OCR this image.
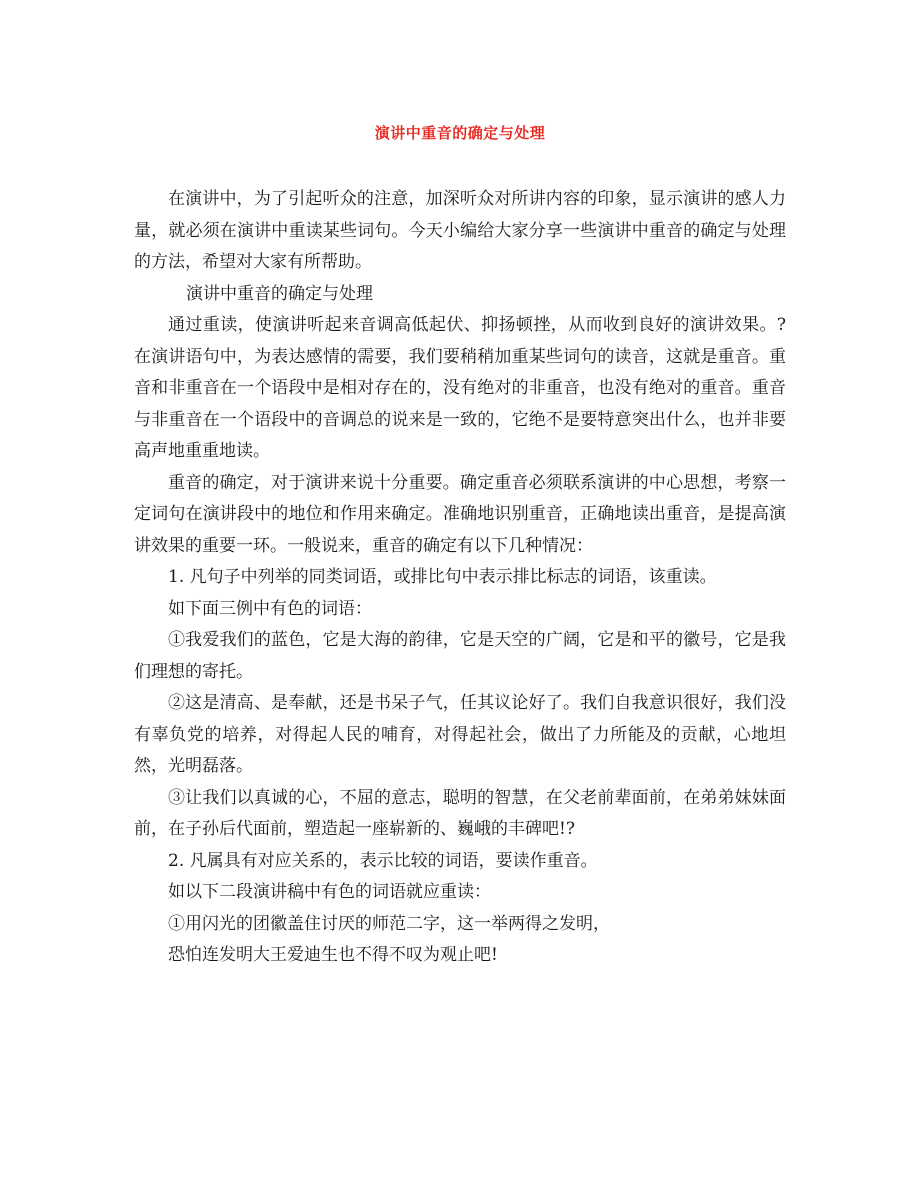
演讲中重音的确定与处理

在演讲中，为了引起听众的注意，加深听众对所讲内容的印象，显示演讲的感人力量，就必须在演讲中重读某些词句。今天小编给大家分享一些演讲中重音的确定与处理的方法，希望对大家有所帮助。

演讲中重音的确定与处理

通过重读，使演讲听起来音调高低起伏、抑扬顿挫，从而收到良好的演讲效果。? 在演讲语句中，为表达感情的需要，我们要稍稍加重某些词句的读音，这就是重音。重音和非重音在一个语段中是相对存在的，没有绝对的非重音，也没有绝对的重音。重音与非重音在一个语段中的音调总的说来是一致的，它绝不是要特意突出什么，也并非要高声地重重地读。

重音的确定，对于演讲来说十分重要。确定重音必须联系演讲的中心思想，考察一定词句在演讲段中的地位和作用来确定。准确地识别重音，正确地读出重音，是提高演讲效果的重要一环。一般说来，重音的确定有以下几种情况：

1. 凡句子中列举的同类词语，或排比句中表示排比标志的词语，该重读。

如下面三例中有色的词语：

①我爱我们的蓝色，它是大海的韵律，它是天空的广阔，它是和平的徽号，它是我们理想的寄托。

②这是清高、是奉献，还是书呆子气，任其议论好了。我们自我意识很好，我们没有辜负党的培养，对得起人民的哺育，对得起社会，做出了力所能及的贡献，心地坦然，光明磊落。

③让我们以真诚的心，不屈的意志，聪明的智慧，在父老前辈面前，在弟弟妹妹面前，在子孙后代面前，塑造起一座崭新的、巍峨的丰碑吧!?

2. 凡属具有对应关系的，表示比较的词语，要读作重音。

如以下二段演讲稿中有色的词语就应重读：

①用闪光的团徽盖住讨厌的师范二字，这一举两得之发明，

恐怕连发明大王爱迪生也不得不叹为观止吧!
